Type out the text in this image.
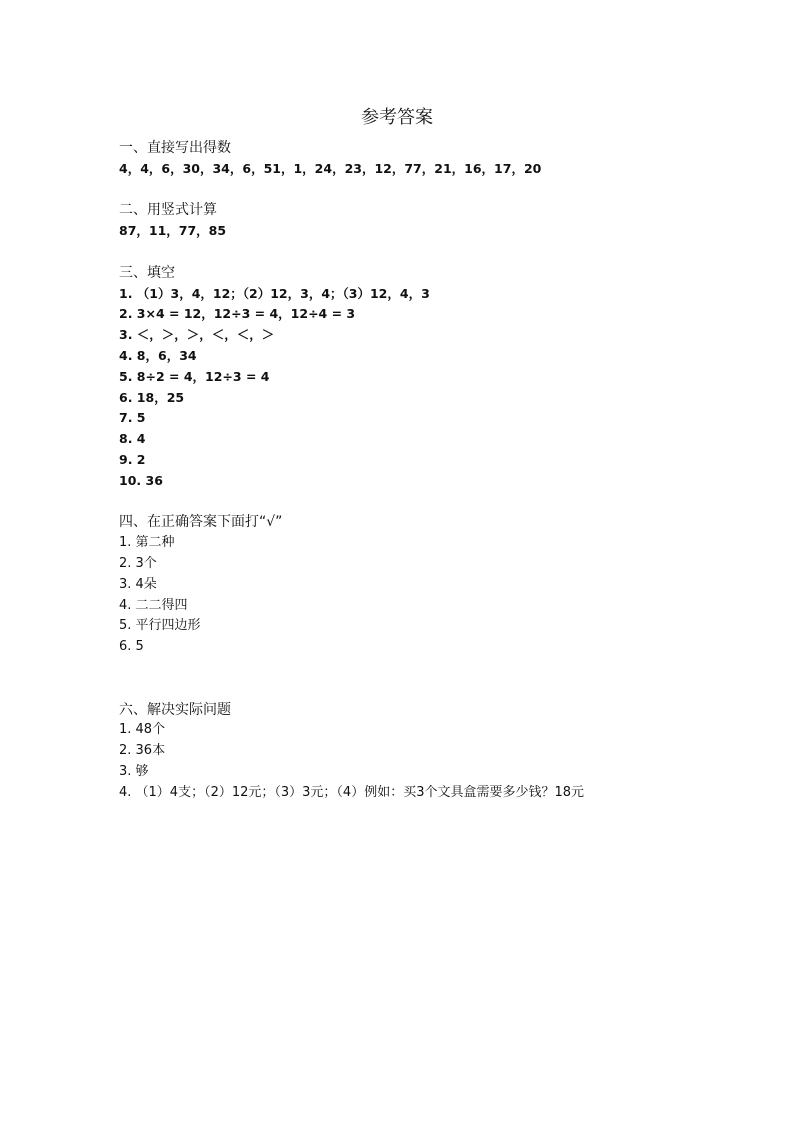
参考答案
一、直接写出得数
4，4，6，30，34，6，51，1，24，23，12，77，21，16，17，20
二、用竖式计算
87，11，77，85
三、填空
1. （1）3，4，12；（2）12，3，4；（3）12，4，3
2. 3×4 = 12，12÷3 = 4，12÷4 = 3
3. ＜，＞，＞，＜，＜，＞
4. 8，6，34
5. 8÷2 = 4，12÷3 = 4
6. 18，25
7. 5
8. 4
9. 2
10. 36
四、在正确答案下面打“√”
1. 第二种
2. 3个
3. 4朵
4. 二二得四
5. 平行四边形
6. 5
六、解决实际问题
1. 48个
2. 36本
3. 够
4. （1）4支；（2）12元；（3）3元；（4）例如：买3个文具盒需要多少钱？18元
